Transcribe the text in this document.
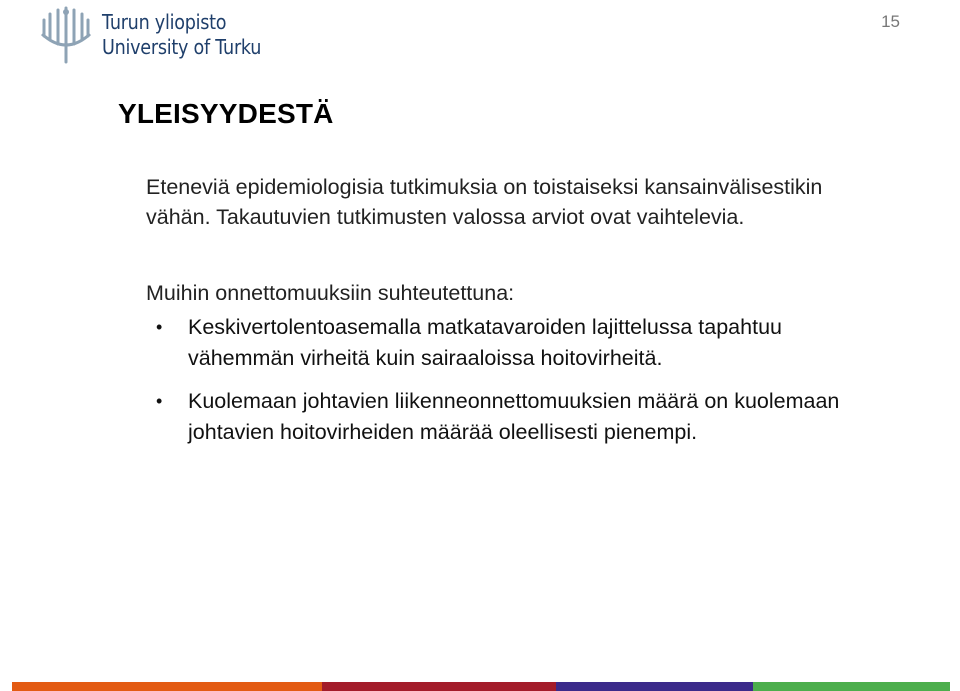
Turun yliopisto
University of Turku
15
YLEISYYDESTÄ

Eteneviä epidemiologisia tutkimuksia on toistaiseksi kansainvälisestikin vähän. Takautuvien tutkimusten valossa arviot ovat vaihtelevia.

Muihin onnettomuuksiin suhteutettuna:

• Keskivertolentoasemalla matkatavaroiden lajittelussa tapahtuu vähemmän virheitä kuin sairaaloissa hoitovirheitä.
• Kuolemaan johtavien liikenneonnettomuuksien määrä on kuolemaan johtavien hoitovirheiden määrää oleellisesti pienempi.
